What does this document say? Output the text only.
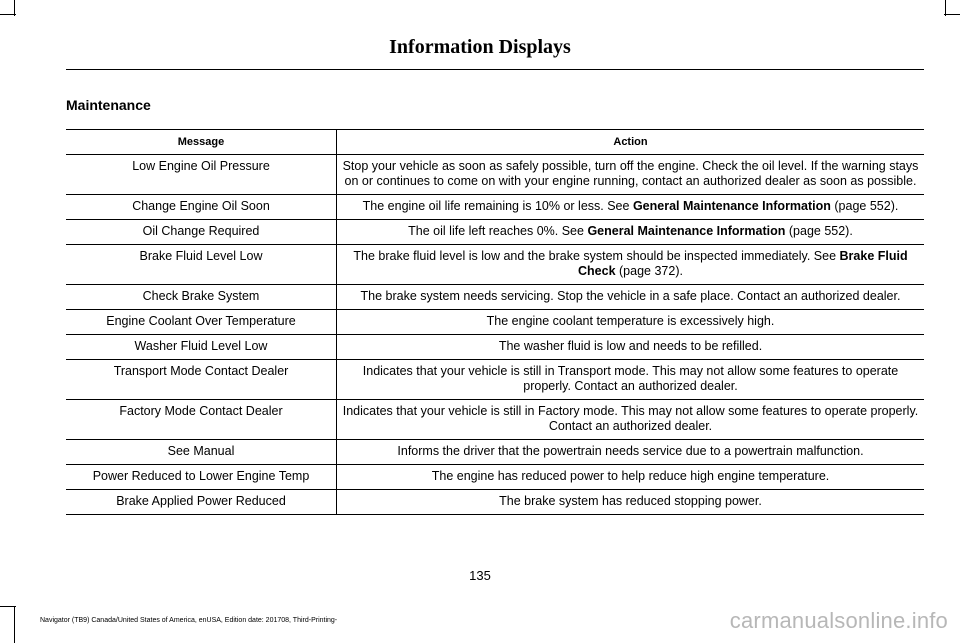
Information Displays
Maintenance
Message	Action
Low Engine Oil Pressure	Stop your vehicle as soon as safely possible, turn off the engine. Check the oil level. If the warning stays on or continues to come on with your engine running, contact an authorized dealer as soon as possible.
Change Engine Oil Soon	The engine oil life remaining is 10% or less. See General Maintenance Information (page 552).
Oil Change Required	The oil life left reaches 0%. See General Maintenance Information (page 552).
Brake Fluid Level Low	The brake fluid level is low and the brake system should be inspected immediately. See Brake Fluid Check (page 372).
Check Brake System	The brake system needs servicing. Stop the vehicle in a safe place. Contact an authorized dealer.
Engine Coolant Over Temperature	The engine coolant temperature is excessively high.
Washer Fluid Level Low	The washer fluid is low and needs to be refilled.
Transport Mode Contact Dealer	Indicates that your vehicle is still in Transport mode. This may not allow some features to operate properly. Contact an authorized dealer.
Factory Mode Contact Dealer	Indicates that your vehicle is still in Factory mode. This may not allow some features to operate properly. Contact an authorized dealer.
See Manual	Informs the driver that the powertrain needs service due to a powertrain malfunction.
Power Reduced to Lower Engine Temp	The engine has reduced power to help reduce high engine temperature.
Brake Applied Power Reduced	The brake system has reduced stopping power.
135
Navigator (TB9) Canada/United States of America, enUSA, Edition date: 201708, Third-Printing-	carmanualsonline.info
